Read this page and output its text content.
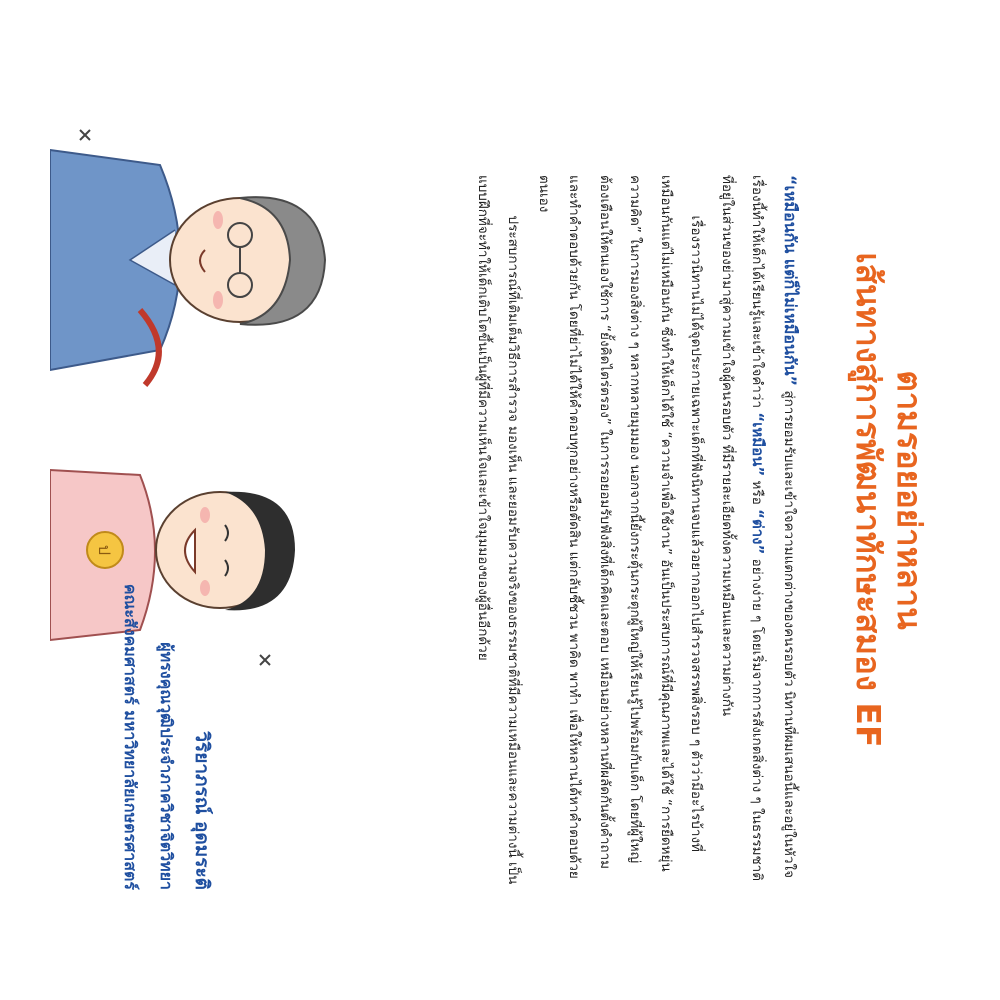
ตามรอยอย่าหลาน
เส้นทางสู่การพัฒนาทักษะสมอง EF

“เหมือนกัน แต่ก็ไม่เหมือนกัน” สู่การยอมรับและเข้าใจความแตกต่างของคนรอบตัว นิทานที่ผมเสนอนี้และอยู่ในหัวใจเรื่องนี้ทำให้เด็กได้เรียนรู้และเข้าใจคำว่า “เหมือน” หรือ “ต่าง” อย่างง่าย ๆ โดยเริ่มจากการสังเกตสิ่งต่าง ๆ ในธรรมชาติที่อยู่ในส่วนของย่ามาสู่ความเข้าใจผู้คนรอบตัว ที่มีรายละเอียดทั้งความเหมือนและความต่างกัน

เรื่องราวนิทานไม่ได้จุดประกายเฉพาะเด็กที่ฟังนิทานจบแล้วอยากออกไปสำรวจสรรพสิ่งรอบ ๆ ตัวว่ามีอะไรบ้างที่เหมือนกันแต่ไม่เหมือนกัน ซึ่งทำให้เด็กได้ใช้ “ความจำเพื่อใช้งาน” อันเป็นประสบการณ์ที่มีคุณภาพและได้ใช้ “การยืดหยุ่นความคิด” ในการมองสิ่งต่าง ๆ หลากหลายมุมมอง นอกจากนี้ยังกระตุ้นกระตุกผู้ใหญ่ให้เรียนรู้ไปพร้อมกับเด็ก โดยที่ผู้ใหญ่ต้องเตือนให้ตนเองใช้การ “ยั้งคิดไตร่ตรอง” ในการรอยอมรับฟังสิ่งที่เด็กคิดและตอบ เหมือนอย่างหลานที่ผลัดกันตั้งคำถามและทำคำตอบด้วยกัน โดยที่ย่าไม่ได้ให้คำตอบทุกอย่างหรือตัดสิน แต่กลับชี้ชวน พาคิด พาทำ เพื่อให้หลานได้หาคำตอบด้วยตนเอง

ประสบการณ์ที่เติมเต็มวิธีการสำรวจ มองเห็น และยอมรับความจริงของธรรมชาติที่มีความเหมือนและความต่างนี้ เป็นแบบฝึกที่จะทำให้เด็กเติบโตขึ้นเป็นผู้ที่มีความเห็นใจและเข้าใจมุมมองของผู้อื่นอีกด้วย

ป
วิริยาภรณ์ อุดมระติ
ผู้ทรงคุณวุฒิประจำภาควิชาจิตวิทยา
คณะสังคมศาสตร์ มหาวิทยาลัยเกษตรศาสตร์
